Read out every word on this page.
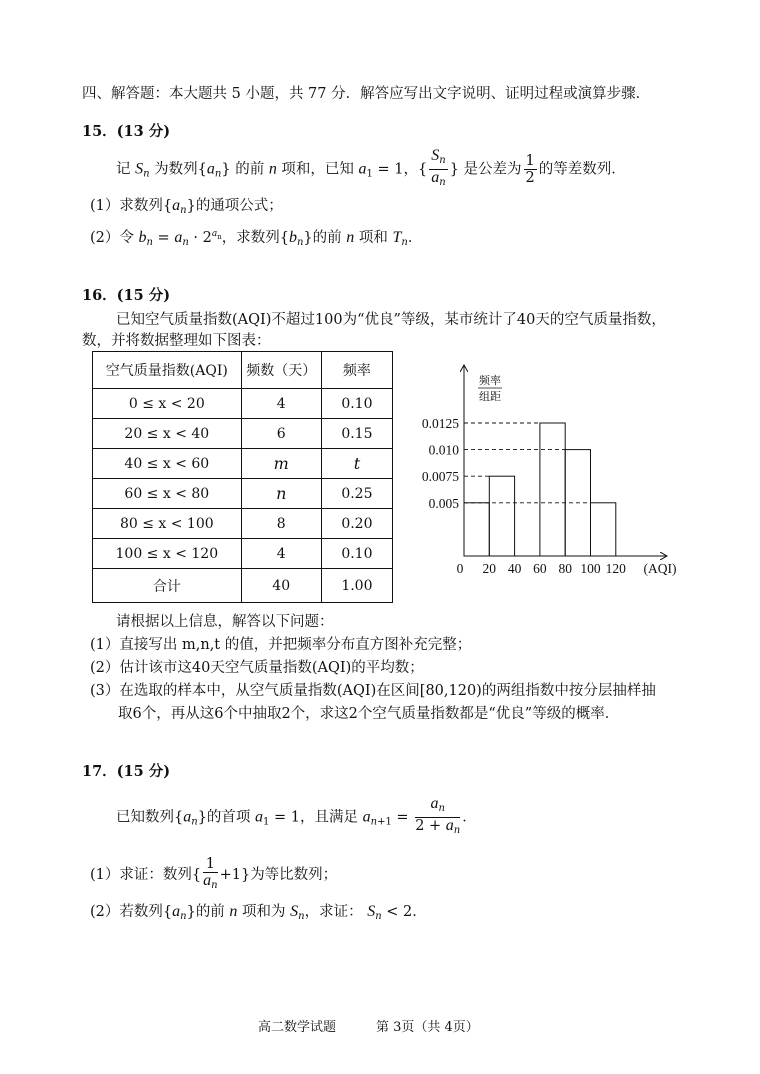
四、解答题：本大题共 5 小题，共 77 分．解答应写出文字说明、证明过程或演算步骤．
15．(13 分)
记 $S_n$ 为数列$\{a_n\}$ 的前 n 项和，已知 $a_1 = 1$，{ $\frac{S_n}{a_n}$ } 是公差为 $\frac{1}{2}$ 的等差数列．
(1）求数列$\{a_n\}$的通项公式；
(2）令 $b_n = a_n \cdot 2^{a_n}$，求数列$\{b_n\}$的前 n 项和 $T_n$．
16．(15 分)
已知空气质量指数(AQI)不超过100为“优良”等级，某市统计了40天的空气质量指数，
数，并将数据整理如下图表：
空气质量指数(AQI)	频数（天）	频率
0 ≤ x < 20	4	0.10
20 ≤ x < 40	6	0.15
40 ≤ x < 60	m	t
60 ≤ x < 80	n	0.25
80 ≤ x < 100	8	0.20
100 ≤ x < 120	4	0.10
合计	40	1.00
频率
组距
0.005
0.0075
0.010
0.0125
0 20 40 60 80 100 120 (AQI)
请根据以上信息，解答以下问题：
(1）直接写出 m,n,t 的值，并把频率分布直方图补充完整；
(2）估计该市这40天空气质量指数(AQI)的平均数；
(3）在选取的样本中，从空气质量指数(AQI)在区间[80,120)的两组指数中按分层抽样抽
取6个，再从这6个中抽取2个，求这2个空气质量指数都是“优良”等级的概率．
17．(15 分)
已知数列$\{a_n\}$的首项 $a_1 = 1$，且满足 $a_{n+1} = \frac{a_n}{2 + a_n}$ ．
(1）求证：数列{ $\frac{1}{a_n} +1$}为等比数列；
(2）若数列$\{a_n\}$的前 n 项和为 $S_n$，求证： $S_n < 2$．
高二数学试题	第 3页（共 4页）
